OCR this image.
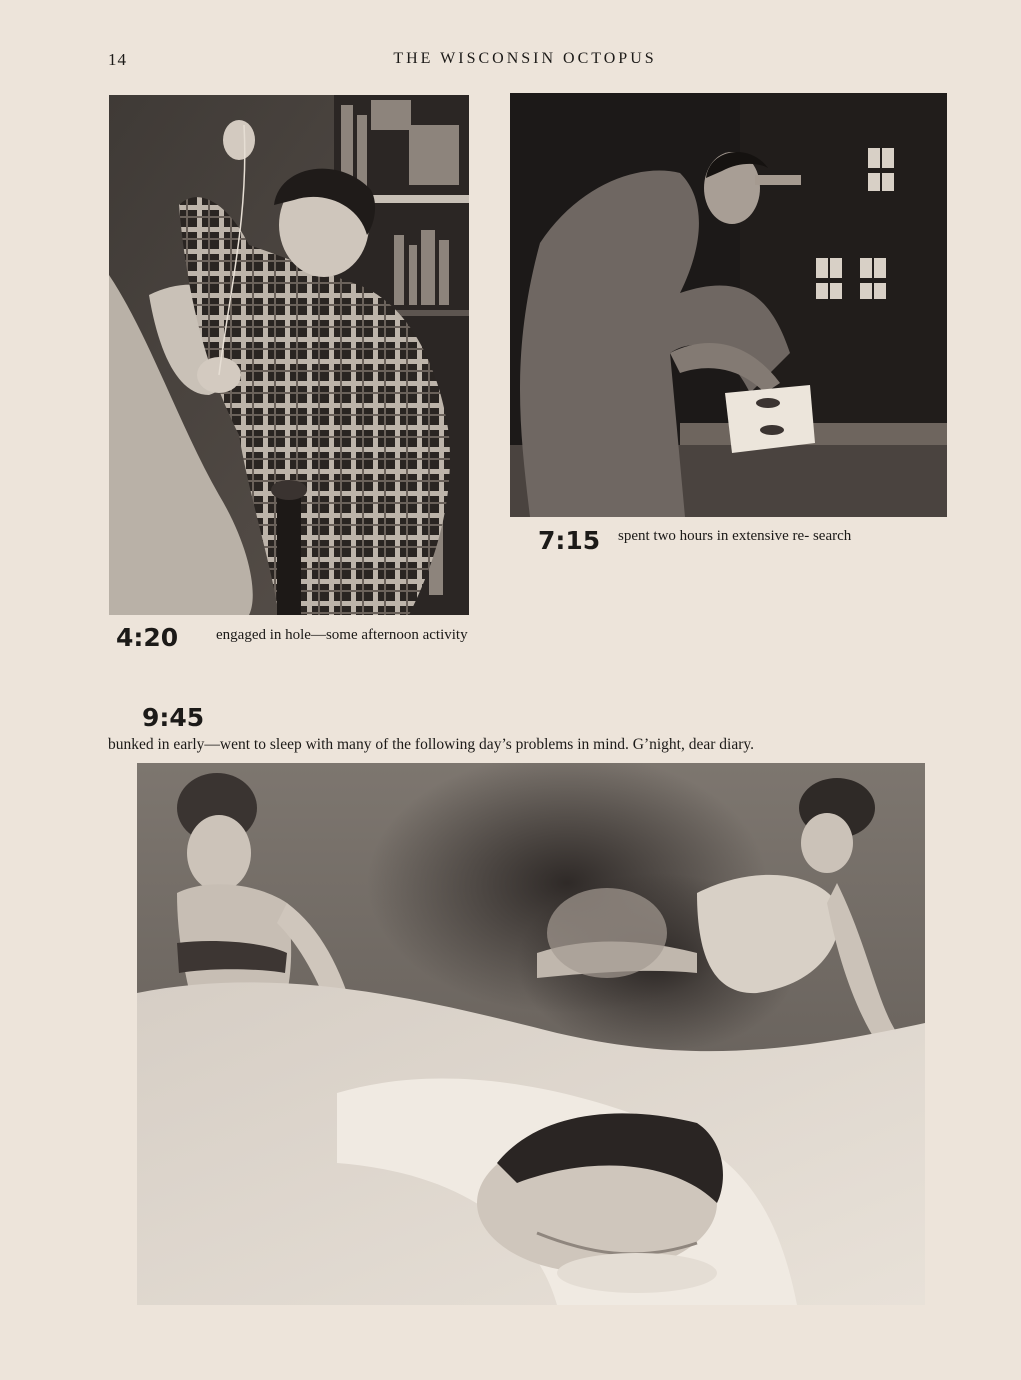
14	THE WISCONSIN OCTOPUS
4:20	engaged in hole—some afternoon activity
7:15 spent two hours in extensive re- search
9:45
bunked in early—went to sleep with many of the following day’s problems in mind. G’night, dear diary.
